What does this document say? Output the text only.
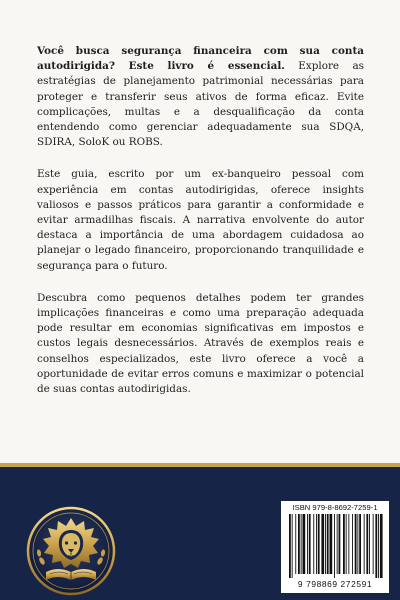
Você busca segurança financeira com sua conta autodirigida? Este livro é essencial. Explore as estratégias de planejamento patrimonial necessárias para proteger e transferir seus ativos de forma eficaz. Evite complicações, multas e a desqualificação da conta entendendo como gerenciar adequadamente sua SDQA, SDIRA, SoloK ou ROBS.

Este guia, escrito por um ex-banqueiro pessoal com experiência em contas autodirigidas, oferece insights valiosos e passos práticos para garantir a conformidade e evitar armadilhas fiscais. A narrativa envolvente do autor destaca a importância de uma abordagem cuidadosa ao planejar o legado financeiro, proporcionando tranquilidade e segurança para o futuro.

Descubra como pequenos detalhes podem ter grandes implicações financeiras e como uma preparação adequada pode resultar em economias significativas em impostos e custos legais desnecessários. Através de exemplos reais e conselhos especializados, este livro oferece a você a oportunidade de evitar erros comuns e maximizar o potencial de suas contas autodirigidas.

ISBN 979-8-8692-7259-1
9 798869 272591
